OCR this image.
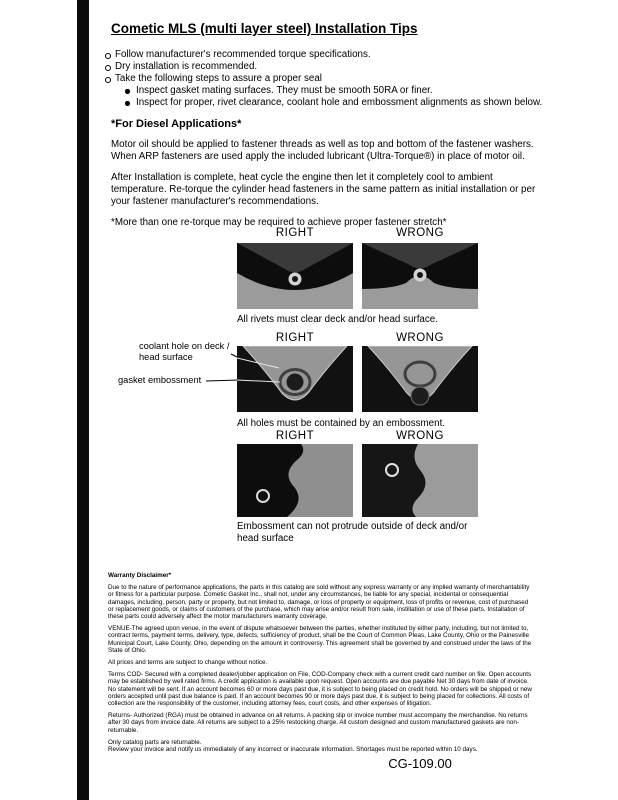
Cometic MLS (multi layer steel) Installation Tips
Follow manufacturer's recommended torque specifications.
Dry installation is recommended.
Take the following steps to assure a proper seal
Inspect gasket mating surfaces. They must be smooth 50RA or finer.
Inspect for proper, rivet clearance, coolant hole and embossment alignments as shown below.
*For Diesel Applications*

Motor oil should be applied to fastener threads as well as top and bottom of the fastener washers. When ARP fasteners are used apply the included lubricant (Ultra-Torque®) in place of motor oil.

After Installation is complete, heat cycle the engine then let it completely cool to ambient temperature. Re-torque the cylinder head fasteners in the same pattern as initial installation or per your fastener manufacturer's recommendations.

*More than one re-torque may be required to achieve proper fastener stretch*

RIGHT	WRONG

All rivets must clear deck and/or head surface.

RIGHT	WRONG

coolant hole on deck / head surface

gasket embossment

All holes must be contained by an embossment.

RIGHT	WRONG

Embossment can not protrude outside of deck and/or head surface

Warranty Disclaimer*

Due to the nature of performance applications, the parts in this catalog are sold without any express warranty or any implied warranty of merchantability or fitness for a particular purpose. Cometic Gasket Inc., shall not, under any circumstances, be liable for any special, incidental or consequential damages, including, person, party or property, but not limited to, damage, or loss of property or equipment, loss of profits or revenue, cost of purchased or replacement goods, or claims of customers of the purchase, which may arise and/or result from sale, instillation or use of these parts. Installation of these parts could adversely affect the motor manufacturers warranty coverage.

VENUE-The agreed upon venue, in the event of dispute whatsoever between the parties, whether instituted by either party, including, but not limited to, contract terms, payment terms, delivery, type, defects, sufficiency of product, shall be the Court of Common Pleas, Lake County, Ohio or the Painesville Municipal Court, Lake County, Ohio, depending on the amount in controversy. This agreement shall be governed by and construed under the laws of the State of Ohio.

All prices and terms are subject to change without notice.

Terms COD- Secured with a completed dealer/jobber application on File, COD-Company check with a current credit card number on file. Open accounts may be established by well rated firms. A credit application is available upon request. Open accounts are due payable Net 30 days from date of invoice. No statement will be sent. If an account becomes 60 or more days past due, it is subject to being placed on credit hold. No orders will be shipped or new orders accepted until past due balance is paid. If an account becomes 90 or more days past due, it is subject to being placed for collections. All costs of collection are the responsibility of the customer, including attorney fees, court costs, and other expenses of litigation.

Returns- Authorized (RGA) must be obtained in advance on all returns. A packing slip or invoice number must accompany the merchandise. No returns after 30 days from invoice date. All returns are subject to a 25% restocking charge. All custom designed and custom manufactured gaskets are non-returnable.

Only catalog parts are returnable.

Review your invoice and notify us immediately of any incorrect or inaccurate information. Shortages must be reported within 10 days.

CG-109.00
